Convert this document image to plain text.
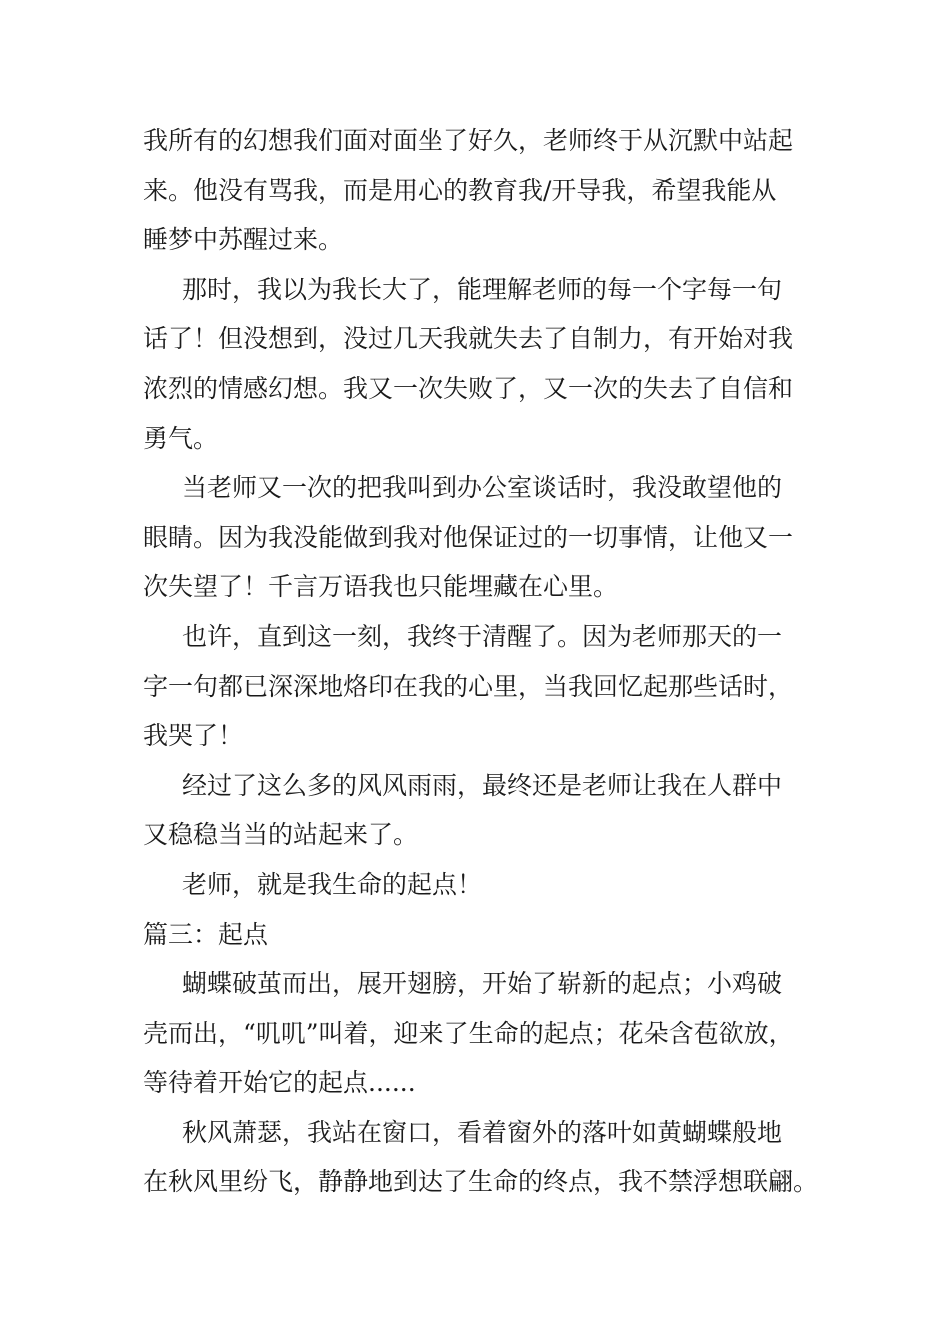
我所有的幻想我们面对面坐了好久，老师终于从沉默中站起
来。他没有骂我，而是用心的教育我/开导我，希望我能从
睡梦中苏醒过来。
那时，我以为我长大了，能理解老师的每一个字每一句
话了！但没想到，没过几天我就失去了自制力，有开始对我
浓烈的情感幻想。我又一次失败了，又一次的失去了自信和
勇气。
当老师又一次的把我叫到办公室谈话时，我没敢望他的
眼睛。因为我没能做到我对他保证过的一切事情，让他又一
次失望了！千言万语我也只能埋藏在心里。
也许，直到这一刻，我终于清醒了。因为老师那天的一
字一句都已深深地烙印在我的心里，当我回忆起那些话时，
我哭了！
经过了这么多的风风雨雨，最终还是老师让我在人群中
又稳稳当当的站起来了。
老师，就是我生命的起点！
篇三：起点
蝴蝶破茧而出，展开翅膀，开始了崭新的起点；小鸡破
壳而出，“叽叽”叫着，迎来了生命的起点；花朵含苞欲放，
等待着开始它的起点......
秋风萧瑟，我站在窗口，看着窗外的落叶如黄蝴蝶般地
在秋风里纷飞，静静地到达了生命的终点，我不禁浮想联翩。
